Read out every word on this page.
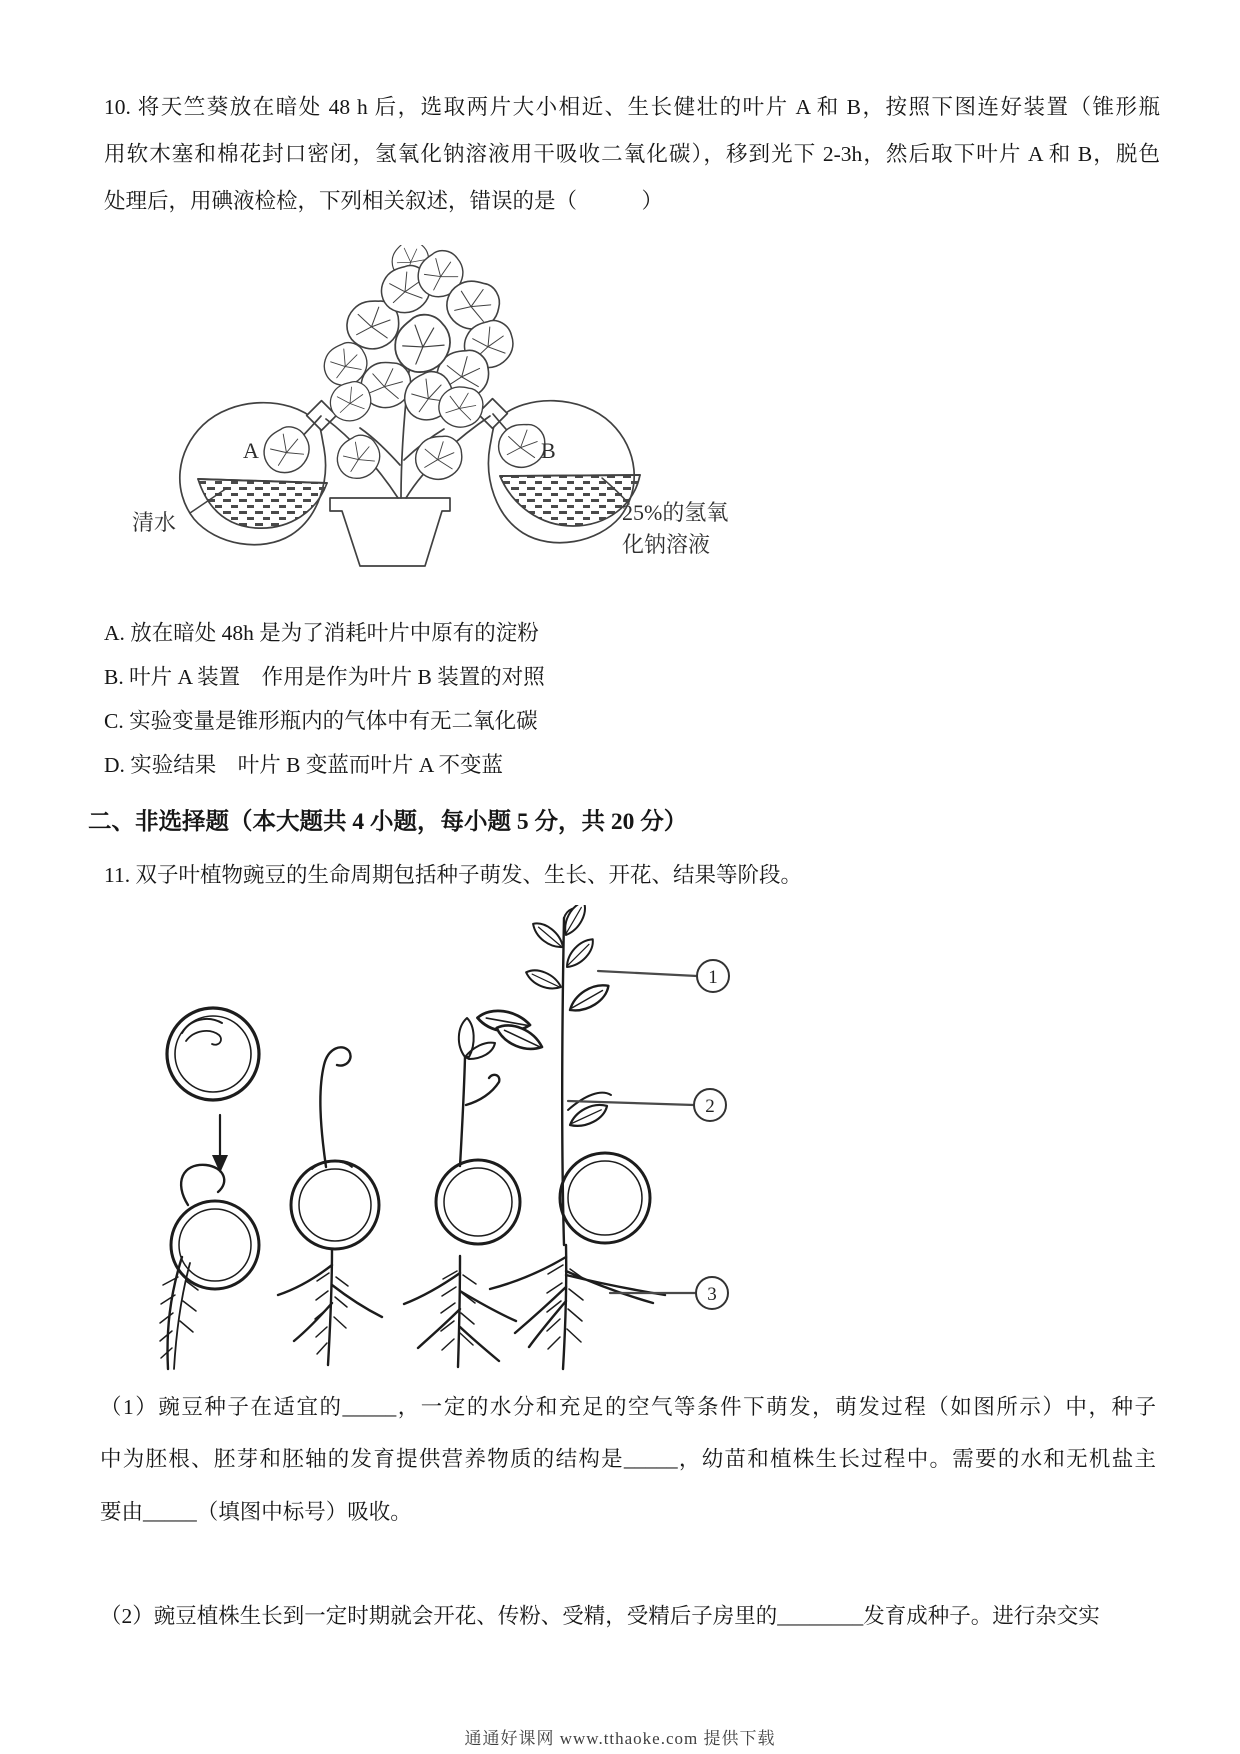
10. 将天竺葵放在暗处 48 h 后，选取两片大小相近、生长健壮的叶片 A 和 B，按照下图连好装置（锥形瓶
用软木塞和棉花封口密闭，氢氧化钠溶液用干吸收二氧化碳），移到光下 2-3h，然后取下叶片 A 和 B，脱色
处理后，用碘液检检，下列相关叙述，错误的是（　　　）
A	B
清水	25%的氢氧
化钠溶液
A. 放在暗处 48h 是为了消耗叶片中原有的淀粉
B. 叶片 A 装置　作用是作为叶片 B 装置的对照
C. 实验变量是锥形瓶内的气体中有无二氧化碳
D. 实验结果　叶片 B 变蓝而叶片 A 不变蓝
二、非选择题（本大题共 4 小题，每小题 5 分，共 20 分）
11. 双子叶植物豌豆的生命周期包括种子萌发、生长、开花、结果等阶段。
1
2
3
（1）豌豆种子在适宜的_____，一定的水分和充足的空气等条件下萌发，萌发过程（如图所示）中，种子
中为胚根、胚芽和胚轴的发育提供营养物质的结构是_____，幼苗和植株生长过程中。需要的水和无机盐主
要由_____（填图中标号）吸收。
（2）豌豆植株生长到一定时期就会开花、传粉、受精，受精后子房里的________发育成种子。进行杂交实
通通好课网 www.tthaoke.com 提供下载
